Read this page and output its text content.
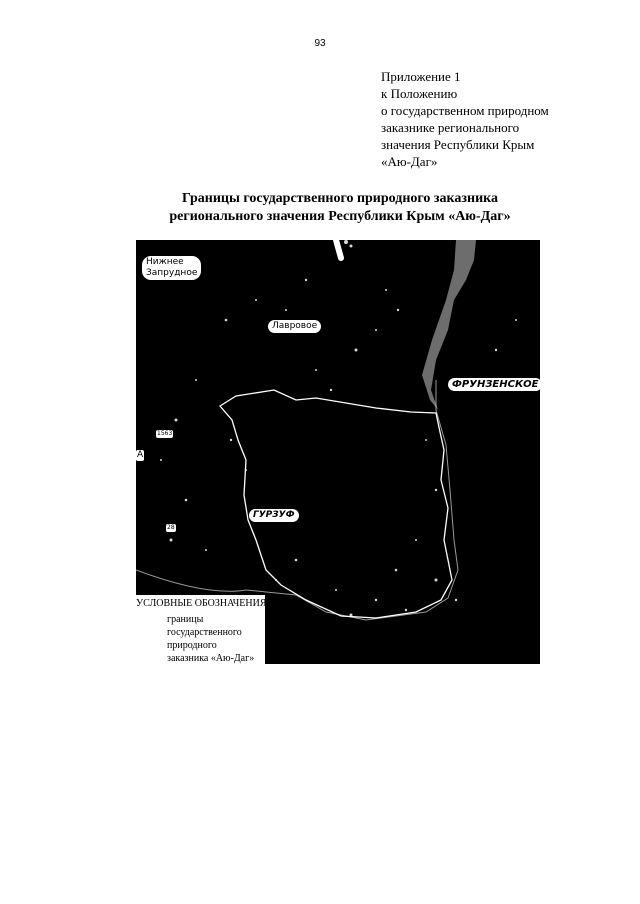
93
Приложение 1
к Положению
о государственном природном
заказнике регионального
значения Республики Крым
«Аю-Даг»
Границы государственного природного заказника
регионального значения Республики Крым «Аю-Даг»
Нижнее
Запрудное
Лавровое
ФРУНЗЕНСКОЕ
ГУРЗУФ
1563
28
А
УСЛОВНЫЕ ОБОЗНАЧЕНИЯ
границы
государственного
природного
заказника «Аю-Даг»
